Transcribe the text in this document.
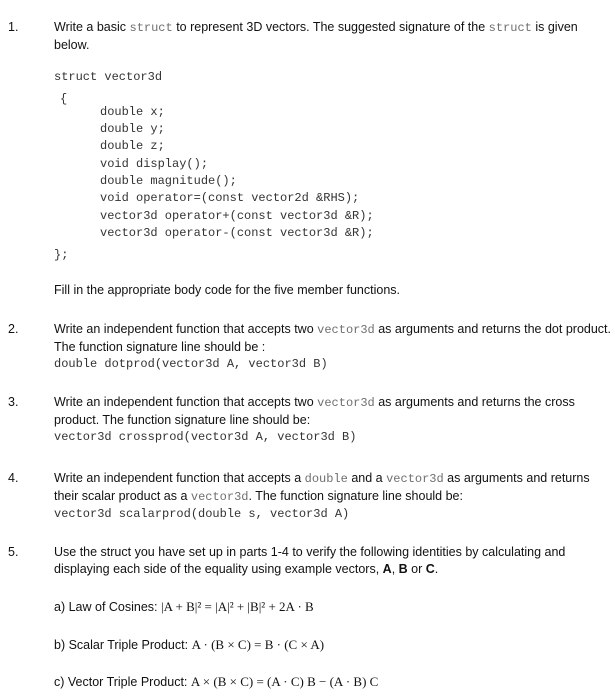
1.	Write a basic struct to represent 3D vectors. The suggested signature of the struct is given below.
struct vector3d
{
double x;
double y;
double z;
void display();
double magnitude();
void operator=(const vector2d &RHS);
vector3d operator+(const vector3d &R);
vector3d operator-(const vector3d &R);
};
Fill in the appropriate body code for the five member functions.
2.	Write an independent function that accepts two vector3d as arguments and returns the dot product. The function signature line should be :
double dotprod(vector3d A, vector3d B)
3.	Write an independent function that accepts two vector3d as arguments and returns the cross product. The function signature line should be:
vector3d crossprod(vector3d A, vector3d B)
4.	Write an independent function that accepts a double and a vector3d as arguments and returns their scalar product as a vector3d. The function signature line should be:
vector3d scalarprod(double s, vector3d A)
5.	Use the struct you have set up in parts 1-4 to verify the following identities by calculating and displaying each side of the equality using example vectors, A, B or C.
a) Law of Cosines: |A + B|² = |A|² + |B|² + 2A · B
b) Scalar Triple Product: A · (B × C) = B · (C × A)
c) Vector Triple Product: A × (B × C) = (A · C) B − (A · B) C
